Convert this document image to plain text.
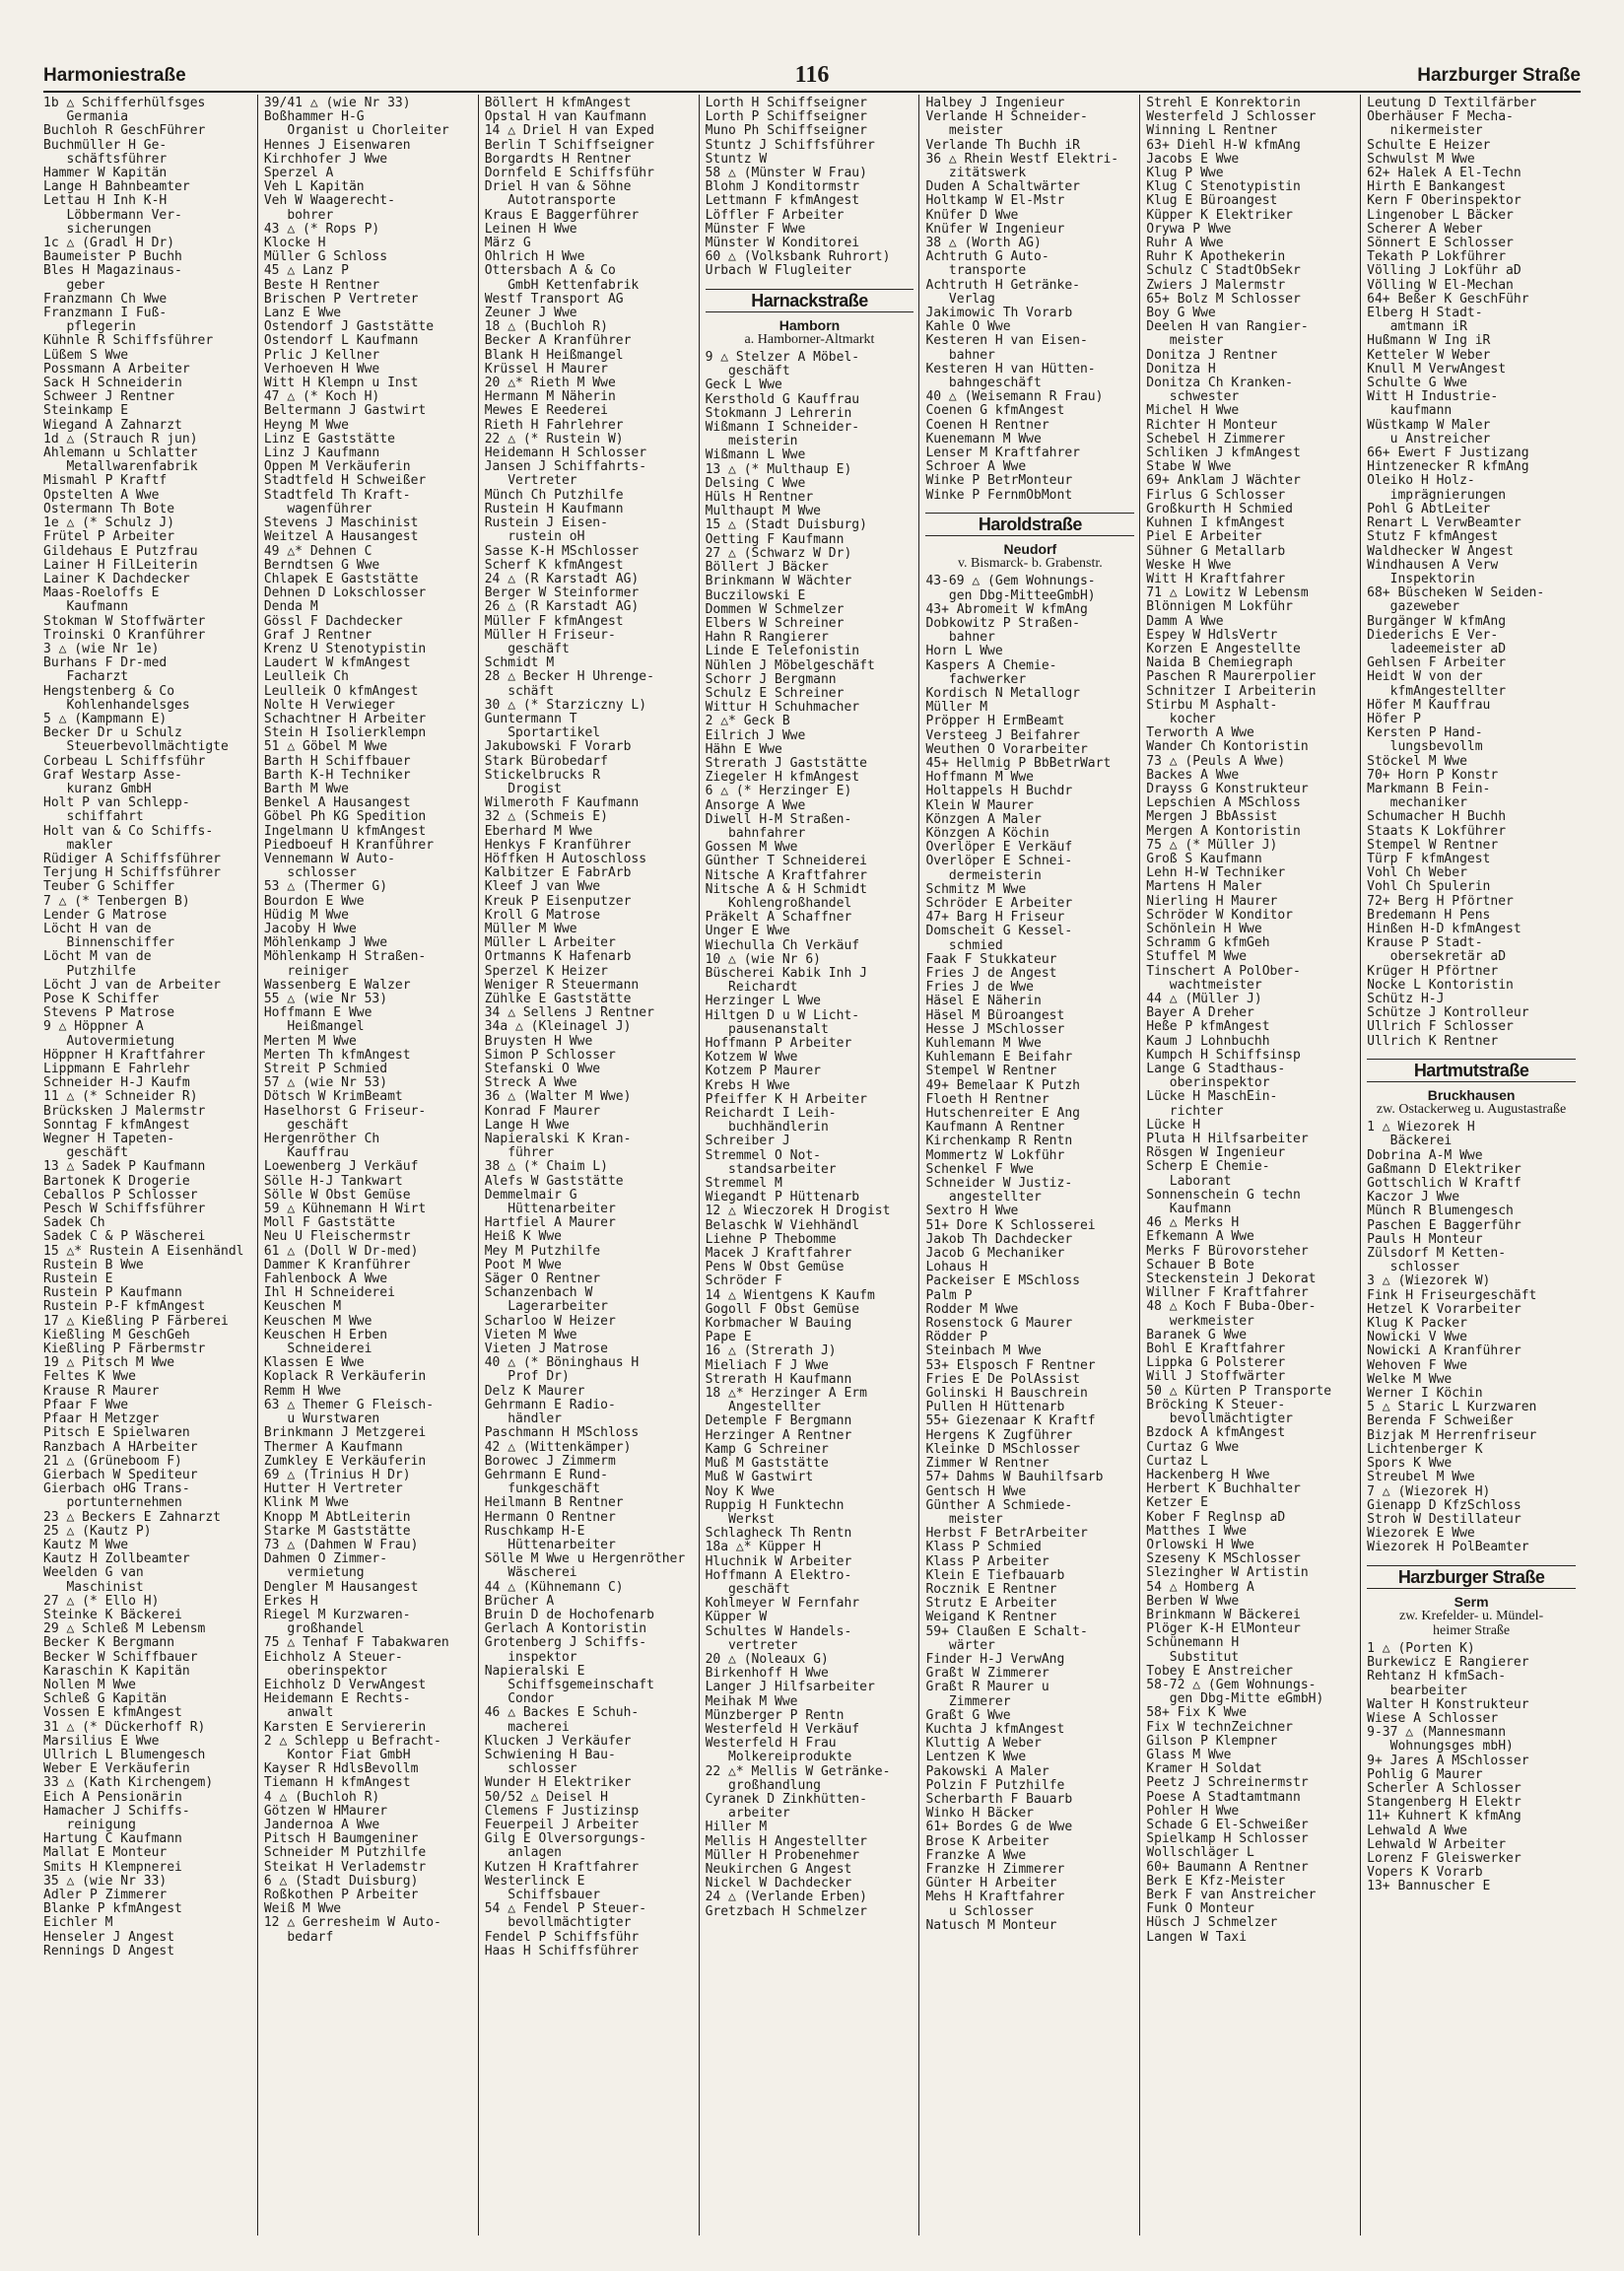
Harmoniestraße	116	Harzburger Straße
1b △ Schifferhülfsges
Germania
Buchloh R GeschFührer
Buchmüller H Ge-
schäftsführer
Hammer W Kapitän
Lange H Bahnbeamter
Lettau H Inh K-H
Löbbermann Ver-
sicherungen
1c △ (Gradl H Dr)
Baumeister P Buchh
Bles H Magazinaus-
geber
Franzmann Ch Wwe
Franzmann I Fuß-
pflegerin
Kühnle R Schiffsführer
Lüßem S Wwe
Possmann A Arbeiter
Sack H Schneiderin
Schweer J Rentner
Steinkamp E
Wiegand A Zahnarzt
1d △ (Strauch R jun)
Ahlemann u Schlatter
Metallwarenfabrik
Mismahl P Kraftf
Opstelten A Wwe
Ostermann Th Bote
1e △ (* Schulz J)
Frütel P Arbeiter
Gildehaus E Putzfrau
Lainer H FilLeiterin
Lainer K Dachdecker
Maas-Roeloffs E
Kaufmann
Stokman W Stoffwärter
Troinski O Kranführer
3 △ (wie Nr 1e)
Burhans F Dr-med
Facharzt
Hengstenberg & Co
Kohlenhandelsges
5 △ (Kampmann E)
Becker Dr u Schulz
Steuerbevollmächtigte
Corbeau L Schiffsführ
Graf Westarp Asse-
kuranz GmbH
Holt P van Schlepp-
schiffahrt
Holt van & Co Schiffs-
makler
Rüdiger A Schiffsführer
Terjung H Schiffsführer
Teuber G Schiffer
7 △ (* Tenbergen B)
Lender G Matrose
Löcht H van de
Binnenschiffer
Löcht M van de
Putzhilfe
Löcht J van de Arbeiter
Pose K Schiffer
Stevens P Matrose
9 △ Höppner A
Autovermietung
Höppner H Kraftfahrer
Lippmann E Fahrlehr
Schneider H-J Kaufm
11 △ (* Schneider R)
Brücksken J Malermstr
Sonntag F kfmAngest
Wegner H Tapeten-
geschäft
13 △ Sadek P Kaufmann
Bartonek K Drogerie
Ceballos P Schlosser
Pesch W Schiffsführer
Sadek Ch
Sadek C & P Wäscherei
15 △* Rustein A Eisenhändl
Rustein B Wwe
Rustein E
Rustein P Kaufmann
Rustein P-F kfmAngest
17 △ Kießling P Färberei
Kießling M GeschGeh
Kießling P Färbermstr
19 △ Pitsch M Wwe
Feltes K Wwe
Krause R Maurer
Pfaar F Wwe
Pfaar H Metzger
Pitsch E Spielwaren
Ranzbach A HArbeiter
21 △ (Grüneboom F)
Gierbach W Spediteur
Gierbach oHG Trans-
portunternehmen
23 △ Beckers E Zahnarzt
25 △ (Kautz P)
Kautz M Wwe
Kautz H Zollbeamter
Weelden G van
Maschinist
27 △ (* Ello H)
Steinke K Bäckerei
29 △ Schleß M Lebensm
Becker K Bergmann
Becker W Schiffbauer
Karaschin K Kapitän
Nollen M Wwe
Schleß G Kapitän
Vossen E kfmAngest
31 △ (* Dückerhoff R)
Marsilius E Wwe
Ullrich L Blumengesch
Weber E Verkäuferin
33 △ (Kath Kirchengem)
Eich A Pensionärin
Hamacher J Schiffs-
reinigung
Hartung C Kaufmann
Mallat E Monteur
Smits H Klempnerei
35 △ (wie Nr 33)
Adler P Zimmerer
Blanke P kfmAngest
Eichler M
Henseler J Angest
Rennings D Angest
39/41 △ (wie Nr 33)
Boßhammer H-G
Organist u Chorleiter
Hennes J Eisenwaren
Kirchhofer J Wwe
Sperzel A
Veh L Kapitän
Veh W Waagerecht-
bohrer
43 △ (* Rops P)
Klocke H
Müller G Schloss
45 △ Lanz P
Beste H Rentner
Brischen P Vertreter
Lanz E Wwe
Ostendorf J Gaststätte
Ostendorf L Kaufmann
Prlic J Kellner
Verhoeven H Wwe
Witt H Klempn u Inst
47 △ (* Koch H)
Beltermann J Gastwirt
Heyng M Wwe
Linz E Gaststätte
Linz J Kaufmann
Oppen M Verkäuferin
Stadtfeld H Schweißer
Stadtfeld Th Kraft-
wagenführer
Stevens J Maschinist
Weitzel A Hausangest
49 △* Dehnen C
Berndtsen G Wwe
Chlapek E Gaststätte
Dehnen D Lokschlosser
Denda M
Gössl F Dachdecker
Graf J Rentner
Krenz U Stenotypistin
Laudert W kfmAngest
Leulleik Ch
Leulleik O kfmAngest
Nolte H Verwieger
Schachtner H Arbeiter
Stein H Isolierklempn
51 △ Göbel M Wwe
Barth H Schiffbauer
Barth K-H Techniker
Barth M Wwe
Benkel A Hausangest
Göbel Ph KG Spedition
Ingelmann U kfmAngest
Piedboeuf H Kranführer
Vennemann W Auto-
schlosser
53 △ (Thermer G)
Bourdon E Wwe
Hüdig M Wwe
Jacoby H Wwe
Möhlenkamp J Wwe
Möhlenkamp H Straßen-
reiniger
Wassenberg E Walzer
55 △ (wie Nr 53)
Hoffmann E Wwe
Heißmangel
Merten M Wwe
Merten Th kfmAngest
Streit P Schmied
57 △ (wie Nr 53)
Dötsch W KrimBeamt
Haselhorst G Friseur-
geschäft
Hergenröther Ch
Kauffrau
Loewenberg J Verkäuf
Sölle H-J Tankwart
Sölle W Obst Gemüse
59 △ Kühnemann H Wirt
Moll F Gaststätte
Neu U Fleischermstr
61 △ (Doll W Dr-med)
Dammer K Kranführer
Fahlenbock A Wwe
Ihl H Schneiderei
Keuschen M
Keuschen M Wwe
Keuschen H Erben
Schneiderei
Klassen E Wwe
Koplack R Verkäuferin
Remm H Wwe
63 △ Themer G Fleisch-
u Wurstwaren
Brinkmann J Metzgerei
Thermer A Kaufmann
Zumkley E Verkäuferin
69 △ (Trinius H Dr)
Hutter H Vertreter
Klink M Wwe
Knopp M AbtLeiterin
Starke M Gaststätte
73 △ (Dahmen W Frau)
Dahmen O Zimmer-
vermietung
Dengler M Hausangest
Erkes H
Riegel M Kurzwaren-
großhandel
75 △ Tenhaf F Tabakwaren
Eichholz A Steuer-
oberinspektor
Eichholz D VerwAngest
Heidemann E Rechts-
anwalt
Karsten E Serviererin
2 △ Schlepp u Befracht-
Kontor Fiat GmbH
Kayser R HdlsBevollm
Tiemann H kfmAngest
4 △ (Buchloh R)
Götzen W HMaurer
Jandernoa A Wwe
Pitsch H Baumgeniner
Schneider M Putzhilfe
Steikat H Verlademstr
6 △ (Stadt Duisburg)
Roßkothen P Arbeiter
Weiß M Wwe
12 △ Gerresheim W Auto-
bedarf
Böllert H kfmAngest
Opstal H van Kaufmann
14 △ Driel H van Exped
Berlin T Schiffseigner
Borgardts H Rentner
Dornfeld E Schiffsführ
Driel H van & Söhne
Autotransporte
Kraus E Baggerführer
Leinen H Wwe
März G
Ohlrich H Wwe
Ottersbach A & Co
GmbH Kettenfabrik
Westf Transport AG
Zeuner J Wwe
18 △ (Buchloh R)
Becker A Kranführer
Blank H Heißmangel
Krüssel H Maurer
20 △* Rieth M Wwe
Hermann M Näherin
Mewes E Reederei
Rieth H Fahrlehrer
22 △ (* Rustein W)
Heidemann H Schlosser
Jansen J Schiffahrts-
Vertreter
Münch Ch Putzhilfe
Rustein H Kaufmann
Rustein J Eisen-
rustein oH
Sasse K-H MSchlosser
Scherf K kfmAngest
24 △ (R Karstadt AG)
Berger W Steinformer
26 △ (R Karstadt AG)
Müller F kfmAngest
Müller H Friseur-
geschäft
Schmidt M
28 △ Becker H Uhrenge-
schäft
30 △ (* Starziczny L)
Guntermann T
Sportartikel
Jakubowski F Vorarb
Stark Bürobedarf
Stickelbrucks R
Drogist
Wilmeroth F Kaufmann
32 △ (Schmeis E)
Eberhard M Wwe
Henkys F Kranführer
Höffken H Autoschloss
Kalbitzer E FabrArb
Kleef J van Wwe
Kreuk P Eisenputzer
Kroll G Matrose
Müller M Wwe
Müller L Arbeiter
Ortmanns K Hafenarb
Sperzel K Heizer
Weniger R Steuermann
Zühlke E Gaststätte
34 △ Sellens J Rentner
34a △ (Kleinagel J)
Bruysten H Wwe
Simon P Schlosser
Stefanski O Wwe
Streck A Wwe
36 △ (Walter M Wwe)
Konrad F Maurer
Lange H Wwe
Napieralski K Kran-
führer
38 △ (* Chaim L)
Alefs W Gaststätte
Demmelmair G
Hüttenarbeiter
Hartfiel A Maurer
Heiß K Wwe
Mey M Putzhilfe
Poot M Wwe
Säger O Rentner
Schanzenbach W
Lagerarbeiter
Scharloo W Heizer
Vieten M Wwe
Vieten J Matrose
40 △ (* Böninghaus H
Prof Dr)
Delz K Maurer
Gehrmann E Radio-
händler
Paschmann H MSchloss
42 △ (Wittenkämper)
Borowec J Zimmerm
Gehrmann E Rund-
funkgeschäft
Heilmann B Rentner
Hermann O Rentner
Ruschkamp H-E
Hüttenarbeiter
Sölle M Wwe u Hergenröther
Wäscherei
44 △ (Kühnemann C)
Brücher A
Bruin D de Hochofenarb
Gerlach A Kontoristin
Grotenberg J Schiffs-
inspektor
Napieralski E
Schiffsgemeinschaft
Condor
46 △ Backes E Schuh-
macherei
Klucken J Verkäufer
Schwiening H Bau-
schlosser
Wunder H Elektriker
50/52 △ Deisel H
Clemens F Justizinsp
Feuerpeil J Arbeiter
Gilg E Olversorgungs-
anlagen
Kutzen H Kraftfahrer
Westerlinck E
Schiffsbauer
54 △ Fendel P Steuer-
bevollmächtigter
Fendel P Schiffsführ
Haas H Schiffsführer
Lorth H Schiffseigner
Lorth P Schiffseigner
Muno Ph Schiffseigner
Stuntz J Schiffsführer
Stuntz W
58 △ (Münster W Frau)
Blohm J Konditormstr
Lettmann F kfmAngest
Löffler F Arbeiter
Münster F Wwe
Münster W Konditorei
60 △ (Volksbank Ruhrort)
Urbach W Flugleiter
Harnackstraße
Hamborn
a. Hamborner-Altmarkt
9 △ Stelzer A Möbel-
geschäft
Geck L Wwe
Kersthold G Kauffrau
Stokmann J Lehrerin
Wißmann I Schneider-
meisterin
Wißmann L Wwe
13 △ (* Multhaup E)
Delsing C Wwe
Hüls H Rentner
Multhaupt M Wwe
15 △ (Stadt Duisburg)
Oetting F Kaufmann
27 △ (Schwarz W Dr)
Böllert J Bäcker
Brinkmann W Wächter
Buczilowski E
Dommen W Schmelzer
Elbers W Schreiner
Hahn R Rangierer
Linde E Telefonistin
Nühlen J Möbelgeschäft
Schorr J Bergmann
Schulz E Schreiner
Wittur H Schuhmacher
2 △* Geck B
Eilrich J Wwe
Hähn E Wwe
Strerath J Gaststätte
Ziegeler H kfmAngest
6 △ (* Herzinger E)
Ansorge A Wwe
Diwell H-M Straßen-
bahnfahrer
Gossen M Wwe
Günther T Schneiderei
Nitsche A Kraftfahrer
Nitsche A & H Schmidt
Kohlengroßhandel
Präkelt A Schaffner
Unger E Wwe
Wiechulla Ch Verkäuf
10 △ (wie Nr 6)
Büscherei Kabik Inh J
Reichardt
Herzinger L Wwe
Hiltgen D u W Licht-
pausenanstalt
Hoffmann P Arbeiter
Kotzem W Wwe
Kotzem P Maurer
Krebs H Wwe
Pfeiffer K H Arbeiter
Reichardt I Leih-
buchhändlerin
Schreiber J
Stremmel O Not-
standsarbeiter
Stremmel M
Wiegandt P Hüttenarb
12 △ Wieczorek H Drogist
Belaschk W Viehhändl
Liehne P Thebomme
Macek J Kraftfahrer
Pens W Obst Gemüse
Schröder F
14 △ Wientgens K Kaufm
Gogoll F Obst Gemüse
Korbmacher W Bauing
Pape E
16 △ (Strerath J)
Mieliach F J Wwe
Strerath H Kaufmann
18 △* Herzinger A Erm
Angestellter
Detemple F Bergmann
Herzinger A Rentner
Kamp G Schreiner
Muß M Gaststätte
Muß W Gastwirt
Noy K Wwe
Ruppig H Funktechn
Werkst
Schlagheck Th Rentn
18a △* Küpper H
Hluchnik W Arbeiter
Hoffmann A Elektro-
geschäft
Kohlmeyer W Fernfahr
Küpper W
Schultes W Handels-
vertreter
20 △ (Noleaux G)
Birkenhoff H Wwe
Langer J Hilfsarbeiter
Meihak M Wwe
Münzberger P Rentn
Westerfeld H Verkäuf
Westerfeld H Frau
Molkereiprodukte
22 △* Mellis W Getränke-
großhandlung
Cyranek D Zinkhütten-
arbeiter
Hiller M
Mellis H Angestellter
Müller H Probenehmer
Neukirchen G Angest
Nickel W Dachdecker
24 △ (Verlande Erben)
Gretzbach H Schmelzer
Halbey J Ingenieur
Verlande H Schneider-
meister
Verlande Th Buchh iR
36 △ Rhein Westf Elektri-
zitätswerk
Duden A Schaltwärter
Holtkamp W El-Mstr
Knüfer D Wwe
Knüfer W Ingenieur
38 △ (Worth AG)
Achtruth G Auto-
transporte
Achtruth H Getränke-
Verlag
Jakimowic Th Vorarb
Kahle O Wwe
Kesteren H van Eisen-
bahner
Kesteren H van Hütten-
bahngeschäft
40 △ (Weisemann R Frau)
Coenen G kfmAngest
Coenen H Rentner
Kuenemann M Wwe
Lenser M Kraftfahrer
Schroer A Wwe
Winke P BetrMonteur
Winke P FernmObMont
Haroldstraße
Neudorf
v. Bismarck- b. Grabenstr.
43-69 △ (Gem Wohnungs-
gen Dbg-MitteeGmbH)
43+ Abromeit W kfmAng
Dobkowitz P Straßen-
bahner
Horn L Wwe
Kaspers A Chemie-
fachwerker
Kordisch N Metallogr
Müller M
Pröpper H ErmBeamt
Versteeg J Beifahrer
Weuthen O Vorarbeiter
45+ Hellmig P BbBetrWart
Hoffmann M Wwe
Holtappels H Buchdr
Klein W Maurer
Könzgen A Maler
Könzgen A Köchin
Overlöper E Verkäuf
Overlöper E Schnei-
dermeisterin
Schmitz M Wwe
Schröder E Arbeiter
47+ Barg H Friseur
Domscheit G Kessel-
schmied
Faak F Stukkateur
Fries J de Angest
Fries J de Wwe
Häsel E Näherin
Häsel M Büroangest
Hesse J MSchlosser
Kuhlemann M Wwe
Kuhlemann E Beifahr
Stempel W Rentner
49+ Bemelaar K Putzh
Floeth H Rentner
Hutschenreiter E Ang
Kaufmann A Rentner
Kirchenkamp R Rentn
Mommertz W Lokführ
Schenkel F Wwe
Schneider W Justiz-
angestellter
Sextro H Wwe
51+ Dore K Schlosserei
Jakob Th Dachdecker
Jacob G Mechaniker
Lohaus H
Packeiser E MSchloss
Palm P
Rodder M Wwe
Rosenstock G Maurer
Rödder P
Steinbach M Wwe
53+ Elsposch F Rentner
Fries E De PolAssist
Golinski H Bauschrein
Pullen H Hüttenarb
55+ Giezenaar K Kraftf
Hergens K Zugführer
Kleinke D MSchlosser
Zimmer W Rentner
57+ Dahms W Bauhilfsarb
Gentsch H Wwe
Günther A Schmiede-
meister
Herbst F BetrArbeiter
Klass P Schmied
Klass P Arbeiter
Klein E Tiefbauarb
Rocznik E Rentner
Strutz E Arbeiter
Weigand K Rentner
59+ Claußen E Schalt-
wärter
Finder H-J VerwAng
Graßt W Zimmerer
Graßt R Maurer u
Zimmerer
Graßt G Wwe
Kuchta J kfmAngest
Kluttig A Weber
Lentzen K Wwe
Pakowski A Maler
Polzin F Putzhilfe
Scherbarth F Bauarb
Winko H Bäcker
61+ Bordes G de Wwe
Brose K Arbeiter
Franzke A Wwe
Franzke H Zimmerer
Günter H Arbeiter
Mehs H Kraftfahrer
u Schlosser
Natusch M Monteur
Strehl E Konrektorin
Westerfeld J Schlosser
Winning L Rentner
63+ Diehl H-W kfmAng
Jacobs E Wwe
Klug P Wwe
Klug C Stenotypistin
Klug E Büroangest
Küpper K Elektriker
Orywa P Wwe
Ruhr A Wwe
Ruhr K Apothekerin
Schulz C StadtObSekr
Zwiers J Malermstr
65+ Bolz M Schlosser
Boy G Wwe
Deelen H van Rangier-
meister
Donitza J Rentner
Donitza H
Donitza Ch Kranken-
schwester
Michel H Wwe
Richter H Monteur
Schebel H Zimmerer
Schliken J kfmAngest
Stabe W Wwe
69+ Anklam J Wächter
Firlus G Schlosser
Großkurth H Schmied
Kuhnen I kfmAngest
Piel E Arbeiter
Sühner G Metallarb
Weske H Wwe
Witt H Kraftfahrer
71 △ Lowitz W Lebensm
Blönnigen M Lokführ
Damm A Wwe
Espey W HdlsVertr
Korzen E Angestellte
Naida B Chemiegraph
Paschen R Maurerpolier
Schnitzer I Arbeiterin
Stirbu M Asphalt-
kocher
Terworth A Wwe
Wander Ch Kontoristin
73 △ (Peuls A Wwe)
Backes A Wwe
Drayss G Konstrukteur
Lepschien A MSchloss
Mergen J BbAssist
Mergen A Kontoristin
75 △ (* Müller J)
Groß S Kaufmann
Lehn H-W Techniker
Martens H Maler
Nierling H Maurer
Schröder W Konditor
Schönlein H Wwe
Schramm G kfmGeh
Stuffel M Wwe
Tinschert A PolOber-
wachtmeister
44 △ (Müller J)
Bayer A Dreher
Heße P kfmAngest
Kaum J Lohnbuchh
Kumpch H Schiffsinsp
Lange G Stadthaus-
oberinspektor
Lücke H MaschEin-
richter
Lücke H
Pluta H Hilfsarbeiter
Rösgen W Ingenieur
Scherp E Chemie-
Laborant
Sonnenschein G techn
Kaufmann
46 △ Merks H
Efkemann A Wwe
Merks F Bürovorsteher
Schauer B Bote
Steckenstein J Dekorat
Willner F Kraftfahrer
48 △ Koch F Buba-Ober-
werkmeister
Baranek G Wwe
Bohl E Kraftfahrer
Lippka G Polsterer
Will J Stoffwärter
50 △ Kürten P Transporte
Bröcking K Steuer-
bevollmächtigter
Bzdock A kfmAngest
Curtaz G Wwe
Curtaz L
Hackenberg H Wwe
Herbert K Buchhalter
Ketzer E
Kober F Reglnsp aD
Matthes I Wwe
Orlowski H Wwe
Szeseny K MSchlosser
Slezingher W Artistin
54 △ Homberg A
Berben W Wwe
Brinkmann W Bäckerei
Plöger K-H ElMonteur
Schünemann H
Substitut
Tobey E Anstreicher
58-72 △ (Gem Wohnungs-
gen Dbg-Mitte eGmbH)
58+ Fix K Wwe
Fix W technZeichner
Gilson P Klempner
Glass M Wwe
Kramer H Soldat
Peetz J Schreinermstr
Poese A Stadtamtmann
Pohler H Wwe
Schade G El-Schweißer
Spielkamp H Schlosser
Wollschläger L
60+ Baumann A Rentner
Berk E Kfz-Meister
Berk F van Anstreicher
Funk O Monteur
Hüsch J Schmelzer
Langen W Taxi
Leutung D Textilfärber
Oberhäuser F Mecha-
nikermeister
Schulte E Heizer
Schwulst M Wwe
62+ Halek A El-Techn
Hirth E Bankangest
Kern F Oberinspektor
Lingenober L Bäcker
Scherer A Weber
Sönnert E Schlosser
Tekath P Lokführer
Völling J Lokführ aD
Völling W El-Mechan
64+ Beßer K GeschFühr
Elberg H Stadt-
amtmann iR
Hußmann W Ing iR
Ketteler W Weber
Knull M VerwAngest
Schulte G Wwe
Witt H Industrie-
kaufmann
Wüstkamp W Maler
u Anstreicher
66+ Ewert F Justizang
Hintzenecker R kfmAng
Oleiko H Holz-
imprägnierungen
Pohl G AbtLeiter
Renart L VerwBeamter
Stutz F kfmAngest
Waldhecker W Angest
Windhausen A Verw
Inspektorin
68+ Büscheken W Seiden-
gazeweber
Burgänger W kfmAng
Diederichs E Ver-
ladeemeister aD
Gehlsen F Arbeiter
Heidt W von der
kfmAngestellter
Höfer M Kauffrau
Höfer P
Kersten P Hand-
lungsbevollm
Stöckel M Wwe
70+ Horn P Konstr
Markmann B Fein-
mechaniker
Schumacher H Buchh
Staats K Lokführer
Stempel W Rentner
Türp F kfmAngest
Vohl Ch Weber
Vohl Ch Spulerin
72+ Berg H Pförtner
Bredemann H Pens
Hinßen H-D kfmAngest
Krause P Stadt-
obersekretär aD
Krüger H Pförtner
Nocke L Kontoristin
Schütz H-J
Schütze J Kontrolleur
Ullrich F Schlosser
Ullrich K Rentner
Hartmutstraße
Bruckhausen
zw. Ostackerweg u. Augustastraße
1 △ Wiezorek H
Bäckerei
Dobrina A-M Wwe
Gaßmann D Elektriker
Gottschlich W Kraftf
Kaczor J Wwe
Münch R Blumengesch
Paschen E Baggerführ
Pauls H Monteur
Zülsdorf M Ketten-
schlosser
3 △ (Wiezorek W)
Fink H Friseurgeschäft
Hetzel K Vorarbeiter
Klug K Packer
Nowicki V Wwe
Nowicki A Kranführer
Wehoven F Wwe
Welke M Wwe
Werner I Köchin
5 △ Staric L Kurzwaren
Berenda F Schweißer
Bizjak M Herrenfriseur
Lichtenberger K
Spors K Wwe
Streubel M Wwe
7 △ (Wiezorek H)
Gienapp D KfzSchloss
Stroh W Destillateur
Wiezorek E Wwe
Wiezorek H PolBeamter
Harzburger Straße
Serm
zw. Krefelder- u. Mündel-
heimer Straße
1 △ (Porten K)
Burkewicz E Rangierer
Rehtanz H kfmSach-
bearbeiter
Walter H Konstrukteur
Wiese A Schlosser
9-37 △ (Mannesmann
Wohnungsges mbH)
9+ Jares A MSchlosser
Pohlig G Maurer
Scherler A Schlosser
Stangenberg H Elektr
11+ Kuhnert K kfmAng
Lehwald A Wwe
Lehwald W Arbeiter
Lorenz F Gleiswerker
Vopers K Vorarb
13+ Bannuscher E
